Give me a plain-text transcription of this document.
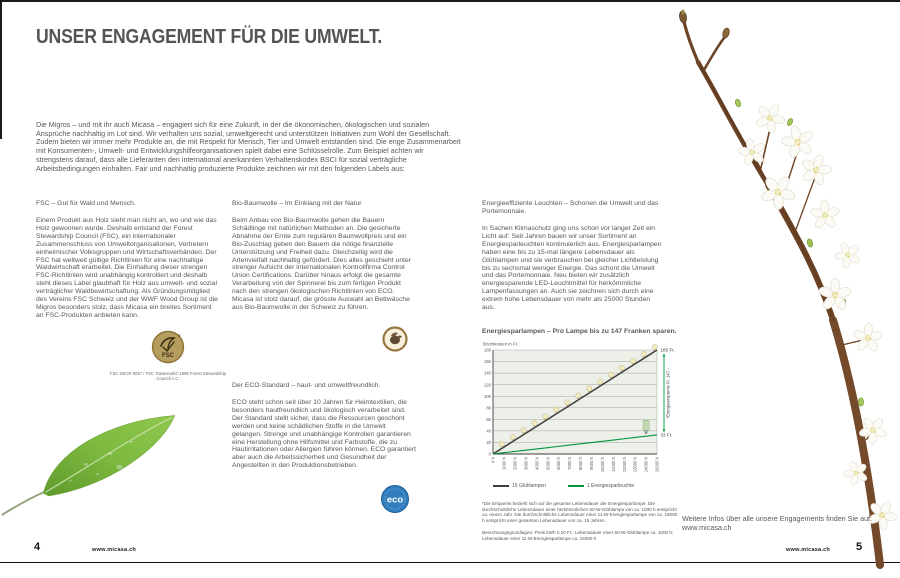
UNSER ENGAGEMENT FÜR DIE UMWELT.

Die Migros – und mit ihr auch Micasa – engagiert sich für eine Zukunft, in der die ökonomischen, ökologischen und sozialen Ansprüche nachhaltig im Lot sind. Wir verhalten uns sozial, umweltgerecht und unterstützen Initiativen zum Wohl der Gesellschaft. Zudem bieten wir immer mehr Produkte an, die mit Respekt für Mensch, Tier und Umwelt entstanden sind. Die enge Zusammenarbeit mit Konsumenten-, Umwelt- und Entwicklungshilfeorganisationen spielt dabei eine Schlüsselrolle. Zum Beispiel achten wir strengstens darauf, dass alle Lieferanten den international anerkannten Verhaltenskodex BSCI für sozial verträgliche Arbeitsbedingungen einhalten. Fair und nachhaltig produzierte Produkte zeichnen wir mit den folgenden Labels aus:

FSC – Gut für Wald und Mensch.

Einem Produkt aus Holz sieht man nicht an, wo und wie das Holz gewonnen wurde. Deshalb entstand der Forest Stewardship Council (FSC), ein internationaler Zusammenschluss von Umweltorganisationen, Vertretern einheimischer Volksgruppen und Wirtschaftsverbänden. Der FSC hat weltweit gültige Richtlinien für eine nachhaltige Waldwirtschaft erarbeitet. Die Einhaltung dieser strengen FSC-Richtlinien wird unabhängig kontrolliert und deshalb steht dieses Label glaubhaft für Holz aus umwelt- und sozial verträglicher Waldbewirtschaftung. Als Gründungsmitglied des Vereins FSC Schweiz und der WWF Wood Group ist die Migros besonders stolz, dass Micasa ein breites Sortiment an FSC-Produkten anbieten kann.

FSC
®
FSC-SECR-0057 / FSC Trademark© 1996 Forest Stewardship Council A.C.
Bio-Baumwolle – Im Einklang mit der Natur

Beim Anbau von Bio-Baumwolle gehen die Bauern Schädlinge mit natürlichen Methoden an. Die gesicherte Abnahme der Ernte zum regulären Baumwollpreis und ein Bio-Zuschlag geben den Bauern die nötige finanzielle Unterstützung und Freiheit dazu. Gleichzeitig wird die Artenvielfalt nachhaltig gefördert. Dies alles geschieht unter strenger Aufsicht der internationalen Kontrollfirma Control Union Certifications. Darüber hinaus erfolgt die gesamte Verarbeitung von der Spinnerei bis zum fertigen Produkt nach den strengen ökologischen Richtlinien von ECO. Micasa ist stolz darauf, die grösste Auswahl an Bettwäsche aus Bio-Baumwolle in der Schweiz zu führen.

Der ECO-Standard – haut- und umweltfreundlich.

ECO steht schon seit über 10 Jahren für Heimtextilien, die besonders hautfreundlich und ökologisch verarbeitet sind. Der Standard stellt sicher, dass die Ressourcen geschont werden und keine schädlichen Stoffe in die Umwelt gelangen. Strenge und unabhängige Kontrollen garantieren eine Herstellung ohne Hilfsmittel und Farbstoffe, die zu Hautirritationen oder Allergien führen können. ECO garantiert aber auch die Arbeitssicherheit und Gesundheit der Angestellten in den Produktionsbetrieben.

eco
Energieeffiziente Leuchten – Schonen die Umwelt und das Portemonnaie.

In Sachen Klimaschutz ging uns schon vor langer Zeit ein Licht auf: Seit Jahren bauen wir unser Sortiment an Energiesparleuchten kontinuierlich aus. Energiesparlampen haben eine bis zu 15-mal längere Lebensdauer als Glühlampen und sie verbrauchen bei gleicher Lichtleistung bis zu sechsmal weniger Energie. Das schont die Umwelt und das Portemonnaie. Neu bieten wir zusätzlich energiesparende LED-Leuchtmittel für herkömmliche Lampenfassungen an. Auch sie zeichnen sich durch eine extrem hohe Lebensdauer von mehr als 25000 Stunden aus.

Energiesparlampen – Pro Lampe bis zu 147 Franken sparen.
0
20
40
60
80
100
120
140
160
180
Stromkosten in Fr.
0 h 1000 h 2000 h 3000 h 4000 h 5000 h 6000 h 7000 h 8000 h 9000 h 10000 h 11000 h 12000 h 13000 h 14000 h 15000 h
180 Fr.
33 Fr.
*Energieersparnis Fr. 147.–
15 Glühlampen	1 Energiesparleuchte
*Die Ersparnis bezieht sich auf die gesamte Lebensdauer der Energiesparlampe. Die durchschnittliche Lebensdauer einer herkömmlichen 60-W-Glühlampe von ca. 1000 h entspricht ca. einem Jahr. Die durchschnittliche Lebensdauer einer 11-W-Energiesparlampe von ca. 15000 h entspricht einer gesamten Lebensdauer von ca. 15 Jahren.
Berechnungsgrundlagen: Preis kWh 0.20 Fr.; Lebensdauer einer 60-W-Glühlampe ca. 1000 h; Lebensdauer einer 11-W-Energiesparlampe ca. 15000 h
Weitere Infos über alle unsere Engagements finden Sie auf: www.micasa.ch
4	www.micasa.ch	www.micasa.ch 5
